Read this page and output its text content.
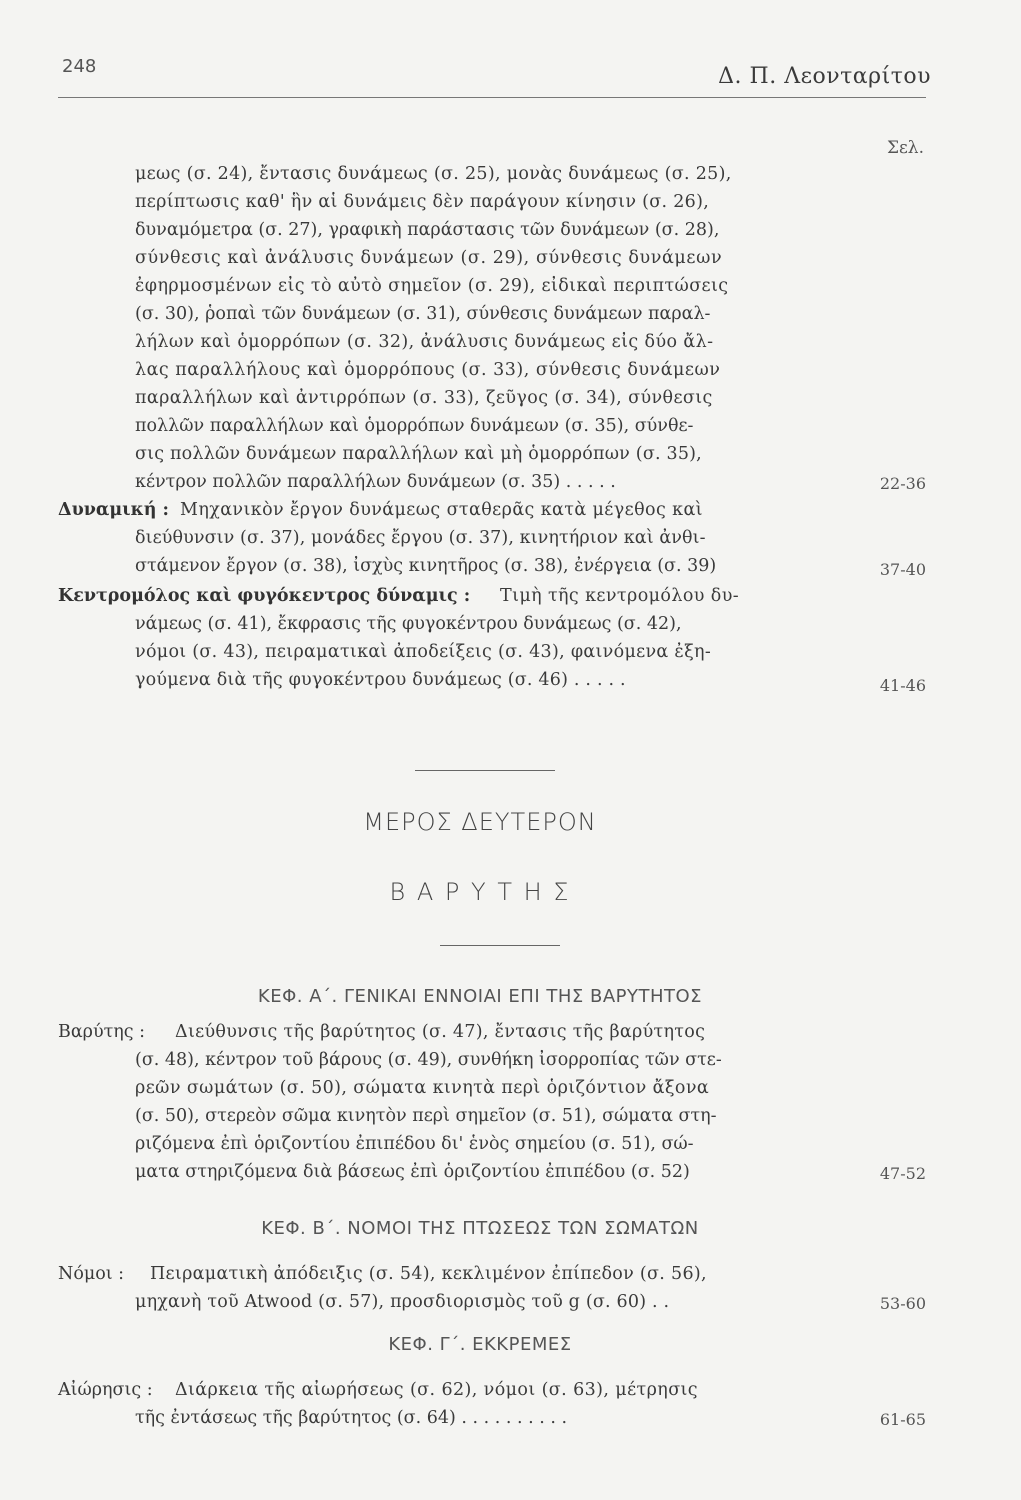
248	Δ. Π. Λεονταρίτου
Σελ.
μεως (σ. 24), ἔντασις δυνάμεως (σ. 25), μονὰς δυνάμεως (σ. 25),
περίπτωσις καθ' ἣν αἱ δυνάμεις δὲν παράγουν κίνησιν (σ. 26),
δυναμόμετρα (σ. 27), γραφικὴ παράστασις τῶν δυνάμεων (σ. 28),
σύνθεσις καὶ ἀνάλυσις δυνάμεων (σ. 29), σύνθεσις δυνάμεων
ἐφηρμοσμένων εἰς τὸ αὐτὸ σημεῖον (σ. 29), εἰδικαὶ περιπτώσεις
(σ. 30), ῥοπαὶ τῶν δυνάμεων (σ. 31), σύνθεσις δυνάμεων παραλ-
λήλων καὶ ὁμορρόπων (σ. 32), ἀνάλυσις δυνάμεως εἰς δύο ἄλ-
λας παραλλήλους καὶ ὁμορρόπους (σ. 33), σύνθεσις δυνάμεων
παραλλήλων καὶ ἀντιρρόπων (σ. 33), ζεῦγος (σ. 34), σύνθεσις
πολλῶν παραλλήλων καὶ ὁμορρόπων δυνάμεων (σ. 35), σύνθε-
σις πολλῶν δυνάμεων παραλλήλων καὶ μὴ ὁμορρόπων (σ. 35),
κέντρον πολλῶν παραλλήλων δυνάμεων (σ. 35) . . . . .	22-36
Δυναμική : Μηχανικὸν ἔργον δυνάμεως σταθερᾶς κατὰ μέγεθος καὶ
διεύθυνσιν (σ. 37), μονάδες ἔργου (σ. 37), κινητήριον καὶ ἀνθι-
στάμενον ἔργον (σ. 38), ἰσχὺς κινητῆρος (σ. 38), ἐνέργεια (σ. 39)	37-40
Κεντρομόλος καὶ φυγόκεντρος δύναμις : Τιμὴ τῆς κεντρομόλου δυ-
νάμεως (σ. 41), ἔκφρασις τῆς φυγοκέντρου δυνάμεως (σ. 42),
νόμοι (σ. 43), πειραματικαὶ ἀποδείξεις (σ. 43), φαινόμενα ἐξη-
γούμενα διὰ τῆς φυγοκέντρου δυνάμεως (σ. 46) . . . . .	41-46
ΜΕΡΟΣ ΔΕΥΤΕΡΟΝ
Β Α Ρ Υ Τ Η Σ
ΚΕΦ. Α΄. ΓΕΝΙΚΑΙ ΕΝΝΟΙΑΙ ΕΠΙ ΤΗΣ ΒΑΡΥΤΗΤΟΣ
Βαρύτης : Διεύθυνσις τῆς βαρύτητος (σ. 47), ἔντασις τῆς βαρύτητος
(σ. 48), κέντρον τοῦ βάρους (σ. 49), συνθήκη ἰσορροπίας τῶν στε-
ρεῶν σωμάτων (σ. 50), σώματα κινητὰ περὶ ὁριζόντιον ἄξονα
(σ. 50), στερεὸν σῶμα κινητὸν περὶ σημεῖον (σ. 51), σώματα στη-
ριζόμενα ἐπὶ ὁριζοντίου ἐπιπέδου δι' ἑνὸς σημείου (σ. 51), σώ-
ματα στηριζόμενα διὰ βάσεως ἐπὶ ὁριζοντίου ἐπιπέδου (σ. 52)	47-52
ΚΕΦ. Β΄. ΝΟΜΟΙ ΤΗΣ ΠΤΩΣΕΩΣ ΤΩΝ ΣΩΜΑΤΩΝ
Νόμοι : Πειραματικὴ ἀπόδειξις (σ. 54), κεκλιμένον ἐπίπεδον (σ. 56),
μηχανὴ τοῦ Atwood (σ. 57), προσδιορισμὸς τοῦ g (σ. 60) . .	53-60
ΚΕΦ. Γ΄. ΕΚΚΡΕΜΕΣ
Αἰώρησις : Διάρκεια τῆς αἰωρήσεως (σ. 62), νόμοι (σ. 63), μέτρησις
τῆς ἐντάσεως τῆς βαρύτητος (σ. 64) . . . . . . . . . .	61-65
